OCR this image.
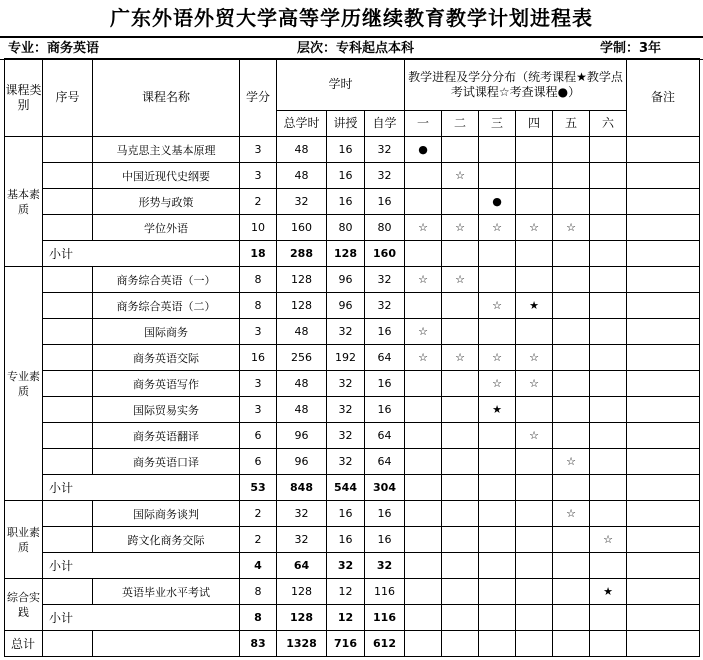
广东外语外贸大学高等学历继续教育教学计划进程表
专业：商务英语	层次：专科起点本科	学制：3年
课程类别	序号	课程名称	学分	学时			教学进程及学分分布（统考课程★教学点考试课程☆考查课程●）						备注
				总学时	讲授	自学	一	二	三	四	五	六	
基本素质		马克思主义基本原理	3	48	16	32	●						
		中国近现代史纲要	3	48	16	32		☆					
		形势与政策	2	32	16	16			●				
		学位外语	10	160	80	80	☆	☆	☆	☆	☆		
	小计		18	288	128	160							
专业素质		商务综合英语（一）	8	128	96	32	☆	☆					
		商务综合英语（二）	8	128	96	32			☆	★			
		国际商务	3	48	32	16	☆						
		商务英语交际	16	256	192	64	☆	☆	☆	☆			
		商务英语写作	3	48	32	16			☆	☆			
		国际贸易实务	3	48	32	16			★				
		商务英语翻译	6	96	32	64				☆			
		商务英语口译	6	96	32	64					☆		
	小计		53	848	544	304							
职业素质		国际商务谈判	2	32	16	16					☆		
		跨文化商务交际	2	32	16	16						☆	
	小计		4	64	32	32							
综合实践		英语毕业水平考试	8	128	12	116						★	
	小计		8	128	12	116							
总计			83	1328	716	612							
